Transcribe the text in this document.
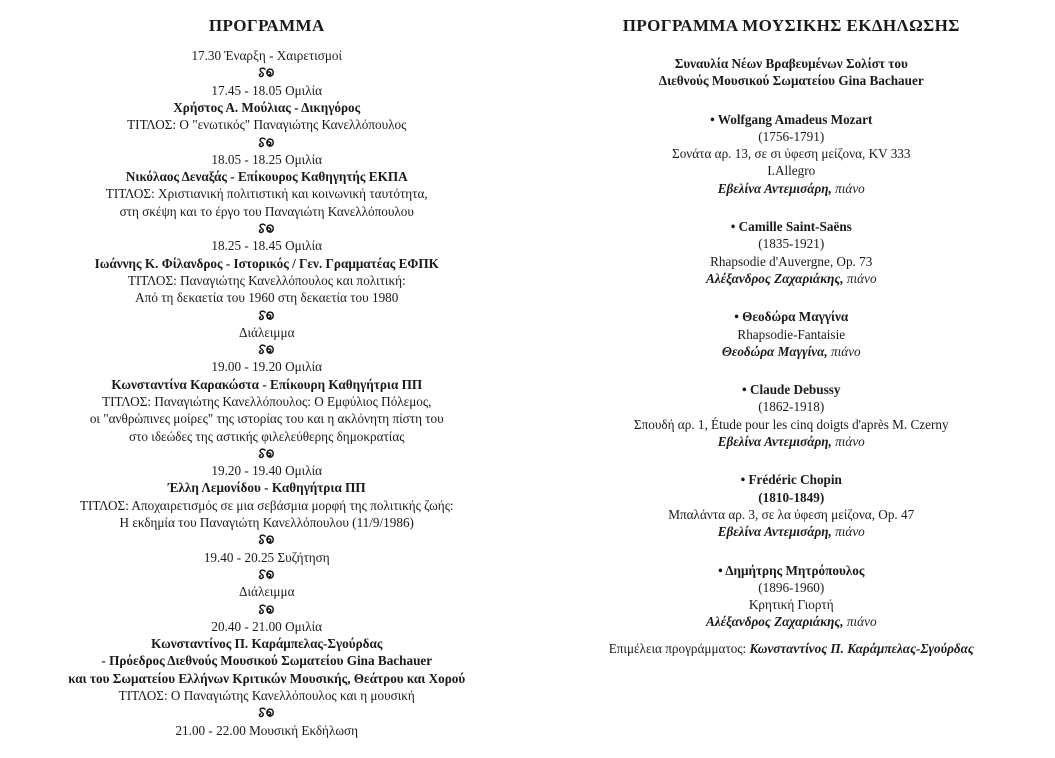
ΠΡΟΓΡΑΜΜΑ
17.30 Έναρξη - Χαιρετισμοί
17.45 - 18.05 Ομιλία
Χρήστος Α. Μούλιας - Δικηγόρος
ΤΙΤΛΟΣ: Ο "ενωτικός" Παναγιώτης Κανελλόπουλος
18.05 - 18.25 Ομιλία
Νικόλαος Δεναξάς - Επίκουρος Καθηγητής ΕΚΠΑ
ΤΙΤΛΟΣ: Χριστιανική πολιτιστική και κοινωνική ταυτότητα,
στη σκέψη και το έργο του Παναγιώτη Κανελλόπουλου
18.25 - 18.45 Ομιλία
Ιωάννης Κ. Φίλανδρος - Ιστορικός / Γεν. Γραμματέας ΕΦΠΚ
ΤΙΤΛΟΣ: Παναγιώτης Κανελλόπουλος και πολιτική:
Από τη δεκαετία του 1960 στη δεκαετία του 1980
Διάλειμμα
19.00 - 19.20 Ομιλία
Κωνσταντίνα Καρακώστα - Επίκουρη Καθηγήτρια ΠΠ
ΤΙΤΛΟΣ: Παναγιώτης Κανελλόπουλος: Ο Εμφύλιος Πόλεμος,
οι "ανθρώπινες μοίρες" της ιστορίας του και η ακλόνητη πίστη του
στο ιδεώδες της αστικής φιλελεύθερης δημοκρατίας
19.20 - 19.40 Ομιλία
Έλλη Λεμονίδου - Καθηγήτρια ΠΠ
ΤΙΤΛΟΣ: Αποχαιρετισμός σε μια σεβάσμια μορφή της πολιτικής ζωής:
Η εκδημία του Παναγιώτη Κανελλόπουλου (11/9/1986)
19.40 - 20.25 Συζήτηση
Διάλειμμα
20.40 - 21.00 Ομιλία
Κωνσταντίνος Π. Καράμπελας-Σγούρδας
- Πρόεδρος Διεθνούς Μουσικού Σωματείου Gina Bachauer
και του Σωματείου Ελλήνων Κριτικών Μουσικής, Θεάτρου και Χορού
ΤΙΤΛΟΣ: Ο Παναγιώτης Κανελλόπουλος και η μουσική
21.00 - 22.00 Μουσική Εκδήλωση
ΠΡΟΓΡΑΜΜΑ ΜΟΥΣΙΚΗΣ ΕΚΔΗΛΩΣΗΣ
Συναυλία Νέων Βραβευμένων Σολίστ του
Διεθνούς Μουσικού Σωματείου Gina Bachauer
• Wolfgang Amadeus Mozart
(1756-1791)
Σονάτα αρ. 13, σε σι ύφεση μείζονα, KV 333
I.Allegro
Εβελίνα Αντεμισάρη, πιάνο
• Camille Saint-Saëns
(1835-1921)
Rhapsodie d'Auvergne, Op. 73
Αλέξανδρος Ζαχαριάκης, πιάνο
• Θεοδώρα Μαγγίνα
Rhapsodie-Fantaisie
Θεοδώρα Μαγγίνα, πιάνο
• Claude Debussy
(1862-1918)
Σπουδή αρ. 1, Étude pour les cinq doigts d'après M. Czerny
Εβελίνα Αντεμισάρη, πιάνο
• Frédéric Chopin
(1810-1849)
Μπαλάντα αρ. 3, σε λα ύφεση μείζονα, Op. 47
Εβελίνα Αντεμισάρη, πιάνο
• Δημήτρης Μητρόπουλος
(1896-1960)
Κρητική Γιορτή
Αλέξανδρος Ζαχαριάκης, πιάνο
Επιμέλεια προγράμματος: Κωνσταντίνος Π. Καράμπελας-Σγούρδας
